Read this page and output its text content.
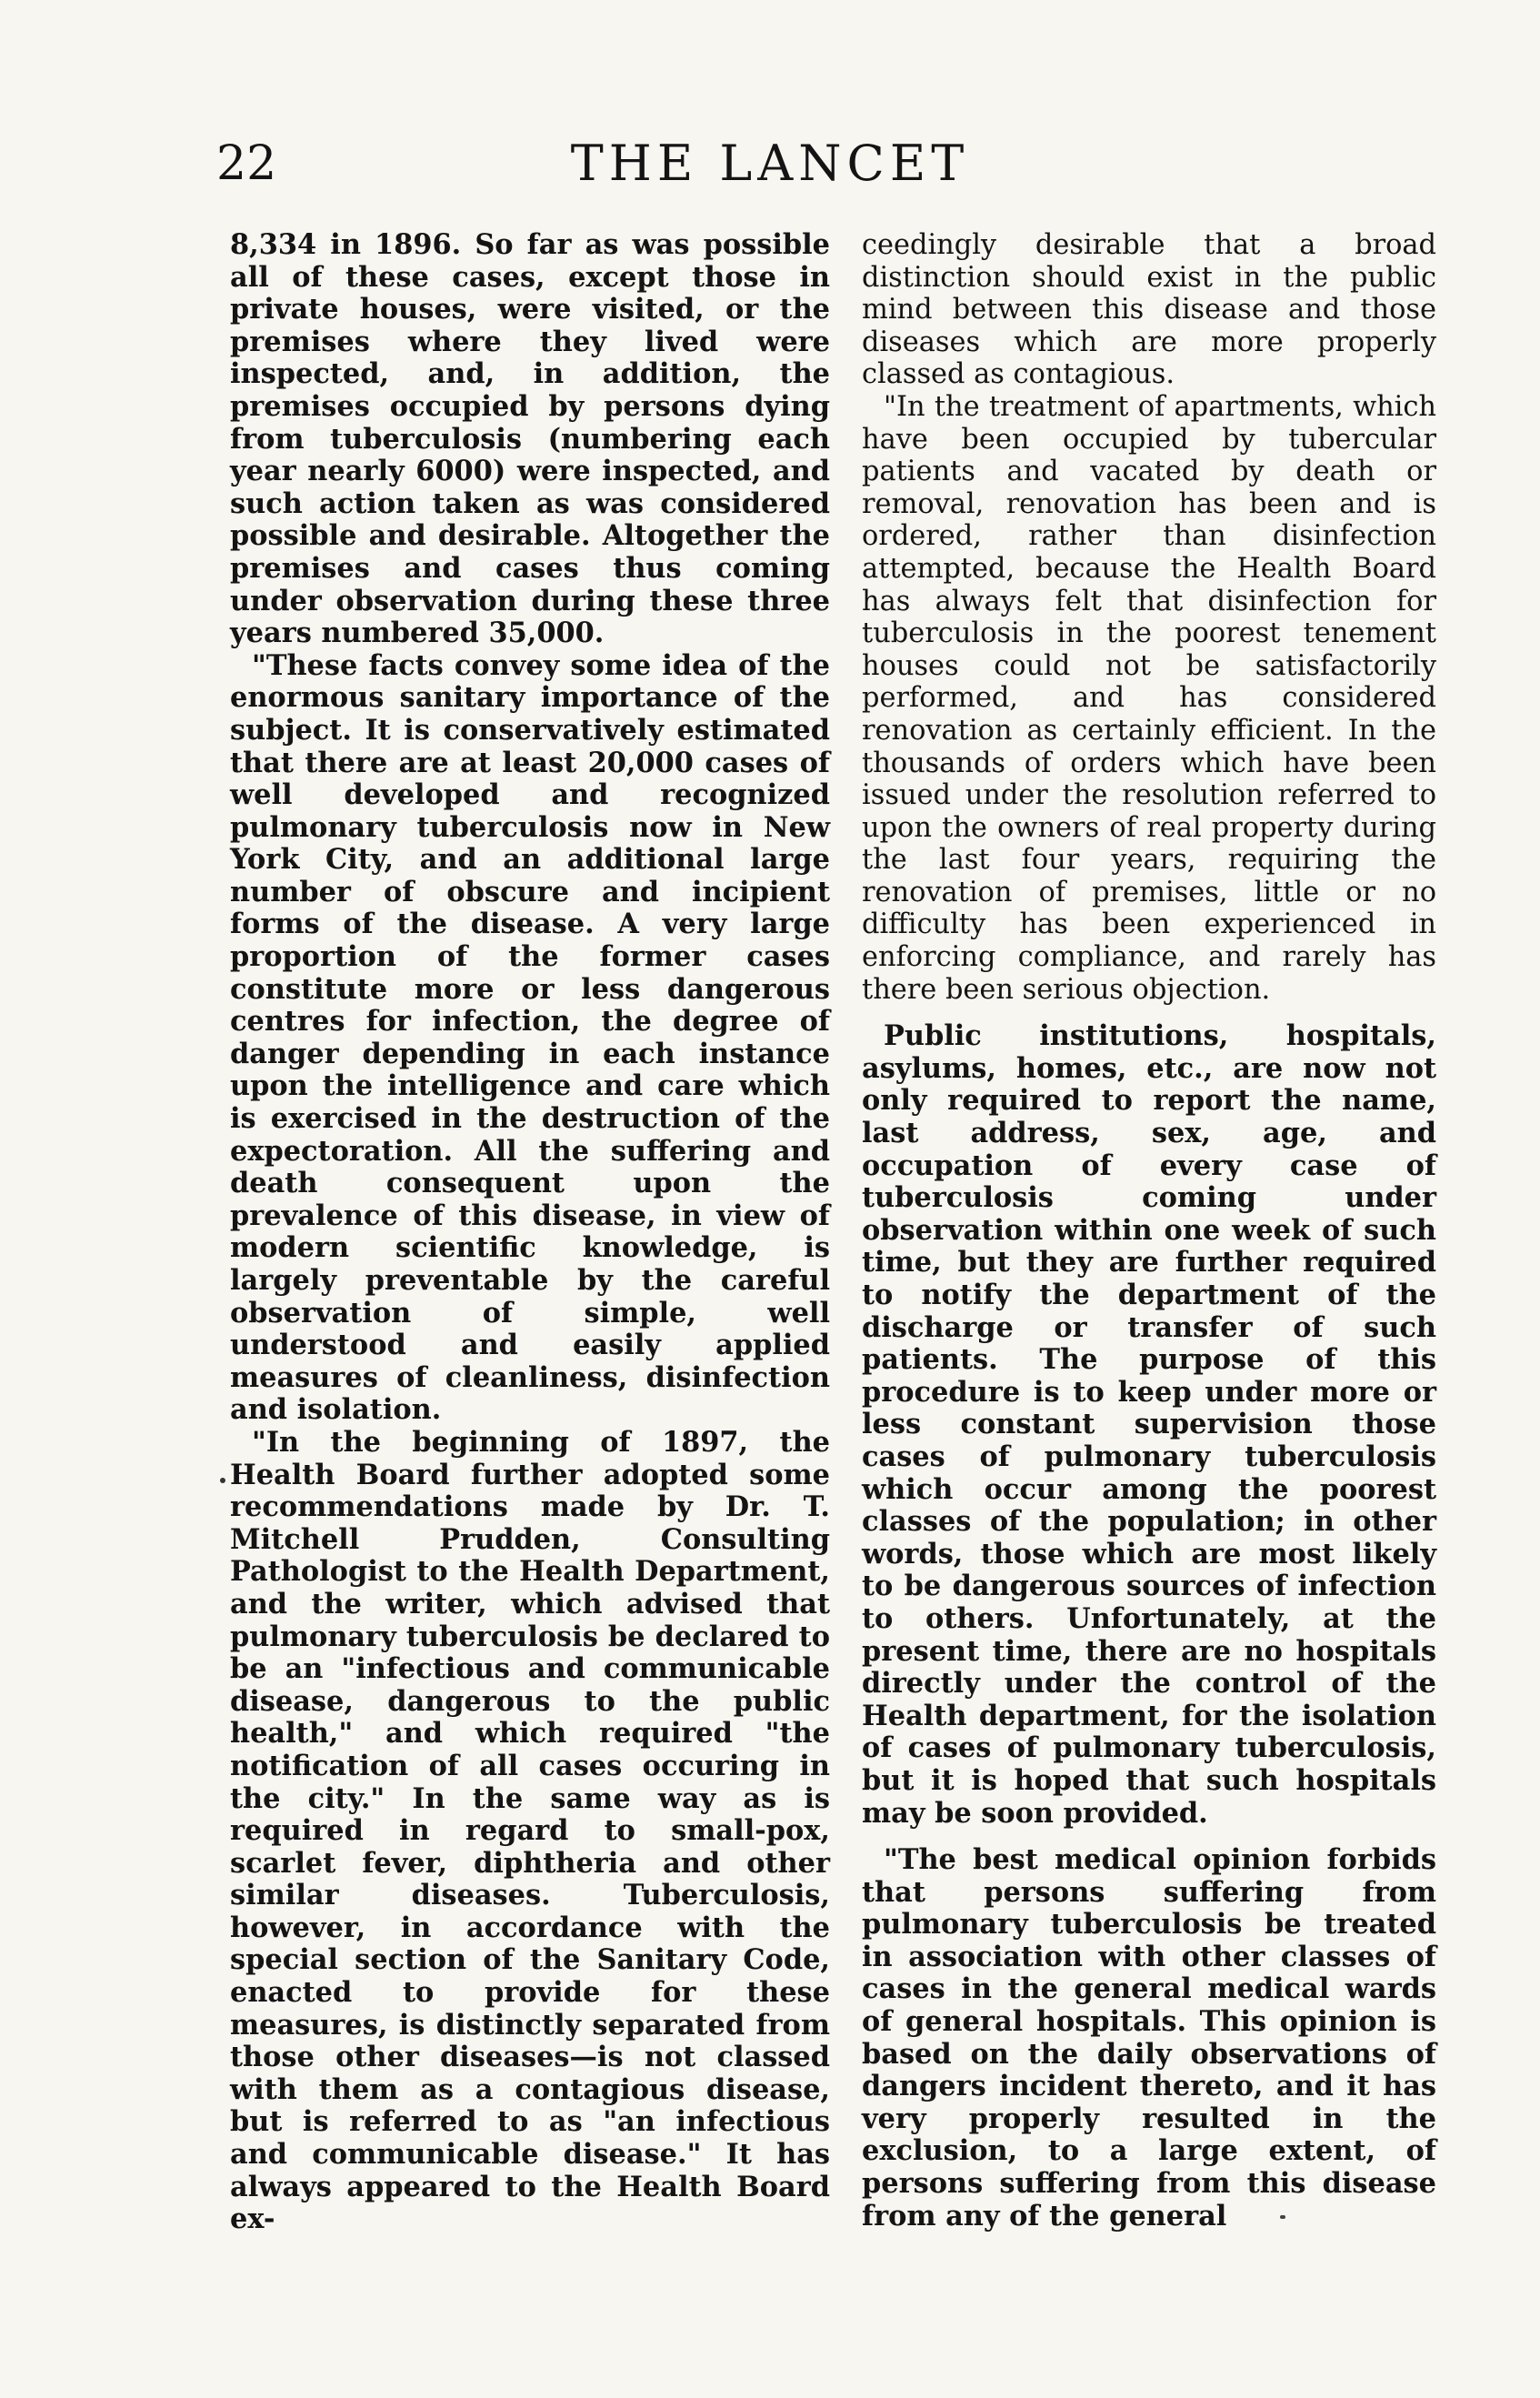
22	THE LANCET

8,334 in 1896. So far as was possible all of these cases, except those in private houses, were visited, or the premises where they lived were inspected, and, in addition, the premises occupied by persons dying from tuberculosis (numbering each year nearly 6000) were inspected, and such action taken as was considered possible and desirable. Altogether the premises and cases thus coming under observation during these three years numbered 35,000.

"These facts convey some idea of the enormous sanitary importance of the subject. It is conservatively estimated that there are at least 20,000 cases of well developed and recognized pulmonary tuberculosis now in New York City, and an additional large number of obscure and incipient forms of the disease. A very large proportion of the former cases constitute more or less dangerous centres for infection, the degree of danger depending in each instance upon the intelligence and care which is exercised in the destruction of the expectoration. All the suffering and death consequent upon the prevalence of this disease, in view of modern scientific knowledge, is largely preventable by the careful observation of simple, well understood and easily applied measures of cleanliness, disinfection and isolation.

"In the beginning of 1897, the Health Board further adopted some recommendations made by Dr. T. Mitchell Prudden, Consulting Pathologist to the Health Department, and the writer, which advised that pulmonary tuberculosis be declared to be an "infectious and communicable disease, dangerous to the public health," and which required "the notification of all cases occuring in the city." In the same way as is required in regard to small-pox, scarlet fever, diphtheria and other similar diseases. Tuberculosis, however, in accordance with the special section of the Sanitary Code, enacted to provide for these measures, is distinctly separated from those other diseases—is not classed with them as a contagious disease, but is referred to as "an infectious and communicable disease." It has always appeared to the Health Board ex-

ceedingly desirable that a broad distinction should exist in the public mind between this disease and those diseases which are more properly classed as contagious.

"In the treatment of apartments, which have been occupied by tubercular patients and vacated by death or removal, renovation has been and is ordered, rather than disinfection attempted, because the Health Board has always felt that disinfection for tuberculosis in the poorest tenement houses could not be satisfactorily performed, and has considered renovation as certainly efficient. In the thousands of orders which have been issued under the resolution referred to upon the owners of real property during the last four years, requiring the renovation of premises, little or no difficulty has been experienced in enforcing compliance, and rarely has there been serious objection.

Public institutions, hospitals, asylums, homes, etc., are now not only required to report the name, last address, sex, age, and occupation of every case of tuberculosis coming under observation within one week of such time, but they are further required to notify the department of the discharge or transfer of such patients. The purpose of this procedure is to keep under more or less constant supervision those cases of pulmonary tuberculosis which occur among the poorest classes of the population; in other words, those which are most likely to be dangerous sources of infection to others. Unfortunately, at the present time, there are no hospitals directly under the control of the Health department, for the isolation of cases of pulmonary tuberculosis, but it is hoped that such hospitals may be soon provided.

"The best medical opinion forbids that persons suffering from pulmonary tuberculosis be treated in association with other classes of cases in the general medical wards of general hospitals. This opinion is based on the daily observations of dangers incident thereto, and it has very properly resulted in the exclusion, to a large extent, of persons suffering from this disease from any of the general
